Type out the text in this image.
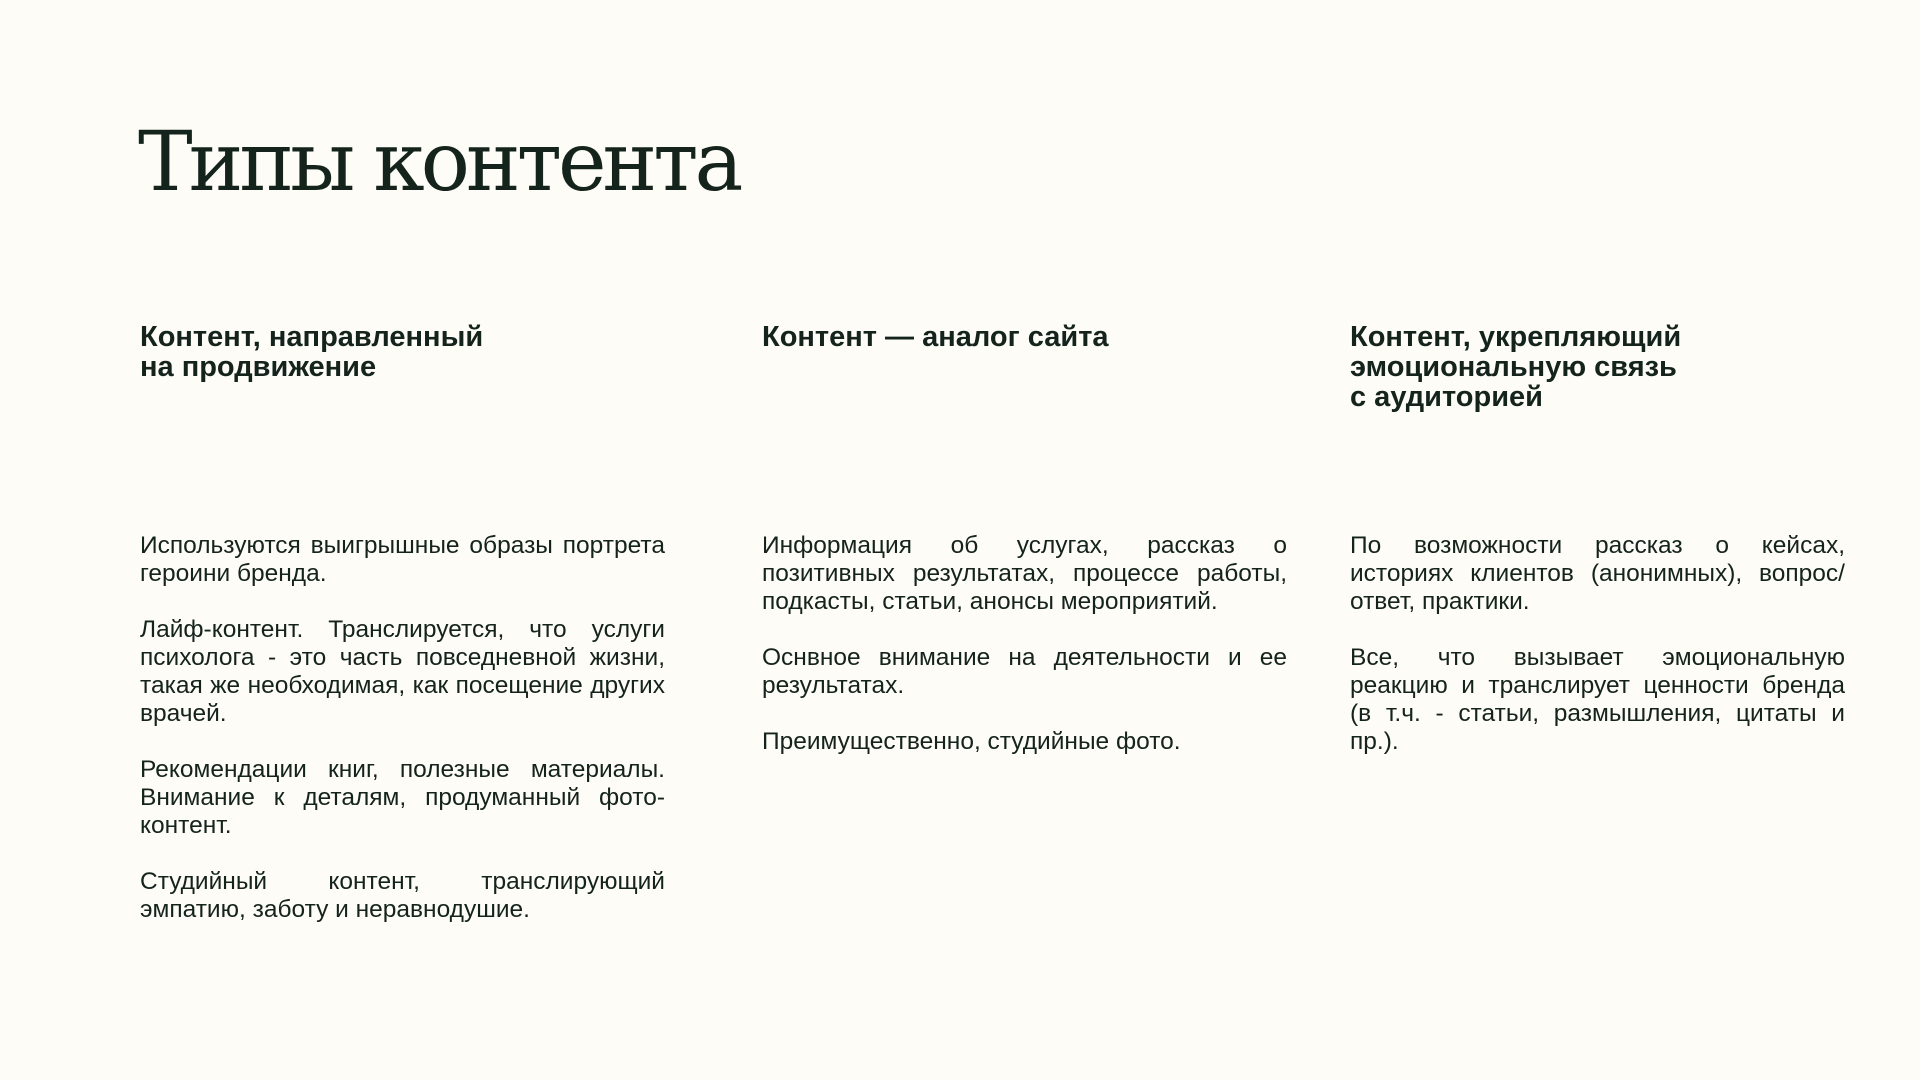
Типы контента
Контент, направленный
на продвижение

Используются выигрышные образы портрета героини бренда.

Лайф-контент. Транслируется, что услуги психолога - это часть повседневной жизни, такая же необходимая, как посещение других врачей.

Рекомендации книг, полезные материалы. Внимание к деталям, продуманный фото-контент.

Студийный контент, транслирующий эмпатию, заботу и неравнодушие.

Контент — аналог сайта

Информация об услугах, рассказ о позитивных результатах, процессе работы, подкасты, статьи, анонсы мероприятий.

Оснвное внимание на деятельности и ее результатах.

Преимущественно, студийные фото.

Контент, укрепляющий
эмоциональную связь
с аудиторией

По возможности рассказ о кейсах, историях клиентов (анонимных), вопрос/ответ, практики.

Все, что вызывает эмоциональную реакцию и транслирует ценности бренда (в т.ч. - статьи, размышления, цитаты и пр.).
